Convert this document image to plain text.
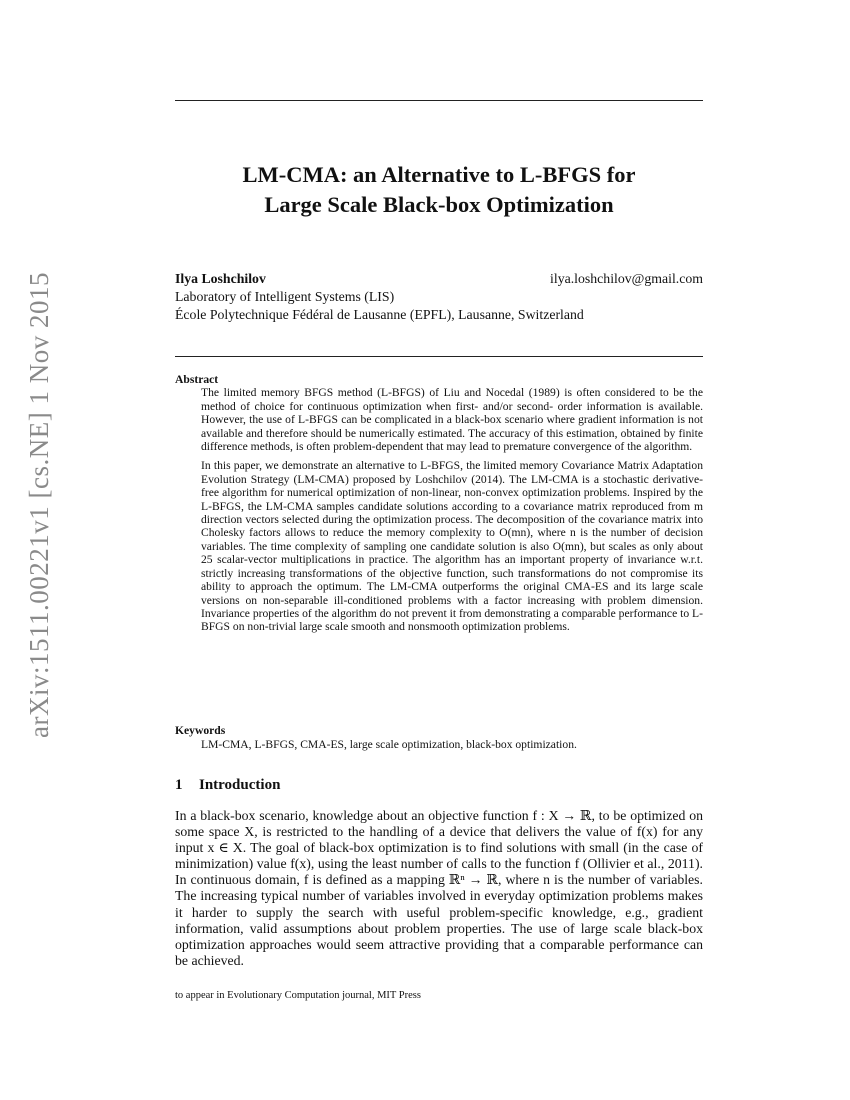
arXiv:1511.00221v1 [cs.NE] 1 Nov 2015
LM-CMA: an Alternative to L-BFGS for
Large Scale Black-box Optimization
Ilya Loshchilov	ilya.loshchilov@gmail.com
Laboratory of Intelligent Systems (LIS)
École Polytechnique Fédéral de Lausanne (EPFL), Lausanne, Switzerland
Abstract

The limited memory BFGS method (L-BFGS) of Liu and Nocedal (1989) is often considered to be the method of choice for continuous optimization when first- and/or second- order information is available. However, the use of L-BFGS can be complicated in a black-box scenario where gradient information is not available and therefore should be numerically estimated. The accuracy of this estimation, obtained by finite difference methods, is often problem-dependent that may lead to premature convergence of the algorithm.

In this paper, we demonstrate an alternative to L-BFGS, the limited memory Covariance Matrix Adaptation Evolution Strategy (LM-CMA) proposed by Loshchilov (2014). The LM-CMA is a stochastic derivative-free algorithm for numerical optimization of non-linear, non-convex optimization problems. Inspired by the L-BFGS, the LM-CMA samples candidate solutions according to a covariance matrix reproduced from m direction vectors selected during the optimization process. The decomposition of the covariance matrix into Cholesky factors allows to reduce the memory complexity to O(mn), where n is the number of decision variables. The time complexity of sampling one candidate solution is also O(mn), but scales as only about 25 scalar-vector multiplications in practice. The algorithm has an important property of invariance w.r.t. strictly increasing transformations of the objective function, such transformations do not compromise its ability to approach the optimum. The LM-CMA outperforms the original CMA-ES and its large scale versions on non-separable ill-conditioned problems with a factor increasing with problem dimension. Invariance properties of the algorithm do not prevent it from demonstrating a comparable performance to L-BFGS on non-trivial large scale smooth and nonsmooth optimization problems.

Keywords
LM-CMA, L-BFGS, CMA-ES, large scale optimization, black-box optimization.
1 Introduction

In a black-box scenario, knowledge about an objective function f : X → ℝ, to be optimized on some space X, is restricted to the handling of a device that delivers the value of f(x) for any input x ∈ X. The goal of black-box optimization is to find solutions with small (in the case of minimization) value f(x), using the least number of calls to the function f (Ollivier et al., 2011). In continuous domain, f is defined as a mapping ℝⁿ → ℝ, where n is the number of variables. The increasing typical number of variables involved in everyday optimization problems makes it harder to supply the search with useful problem-specific knowledge, e.g., gradient information, valid assumptions about problem properties. The use of large scale black-box optimization approaches would seem attractive providing that a comparable performance can be achieved.

to appear in Evolutionary Computation journal, MIT Press
